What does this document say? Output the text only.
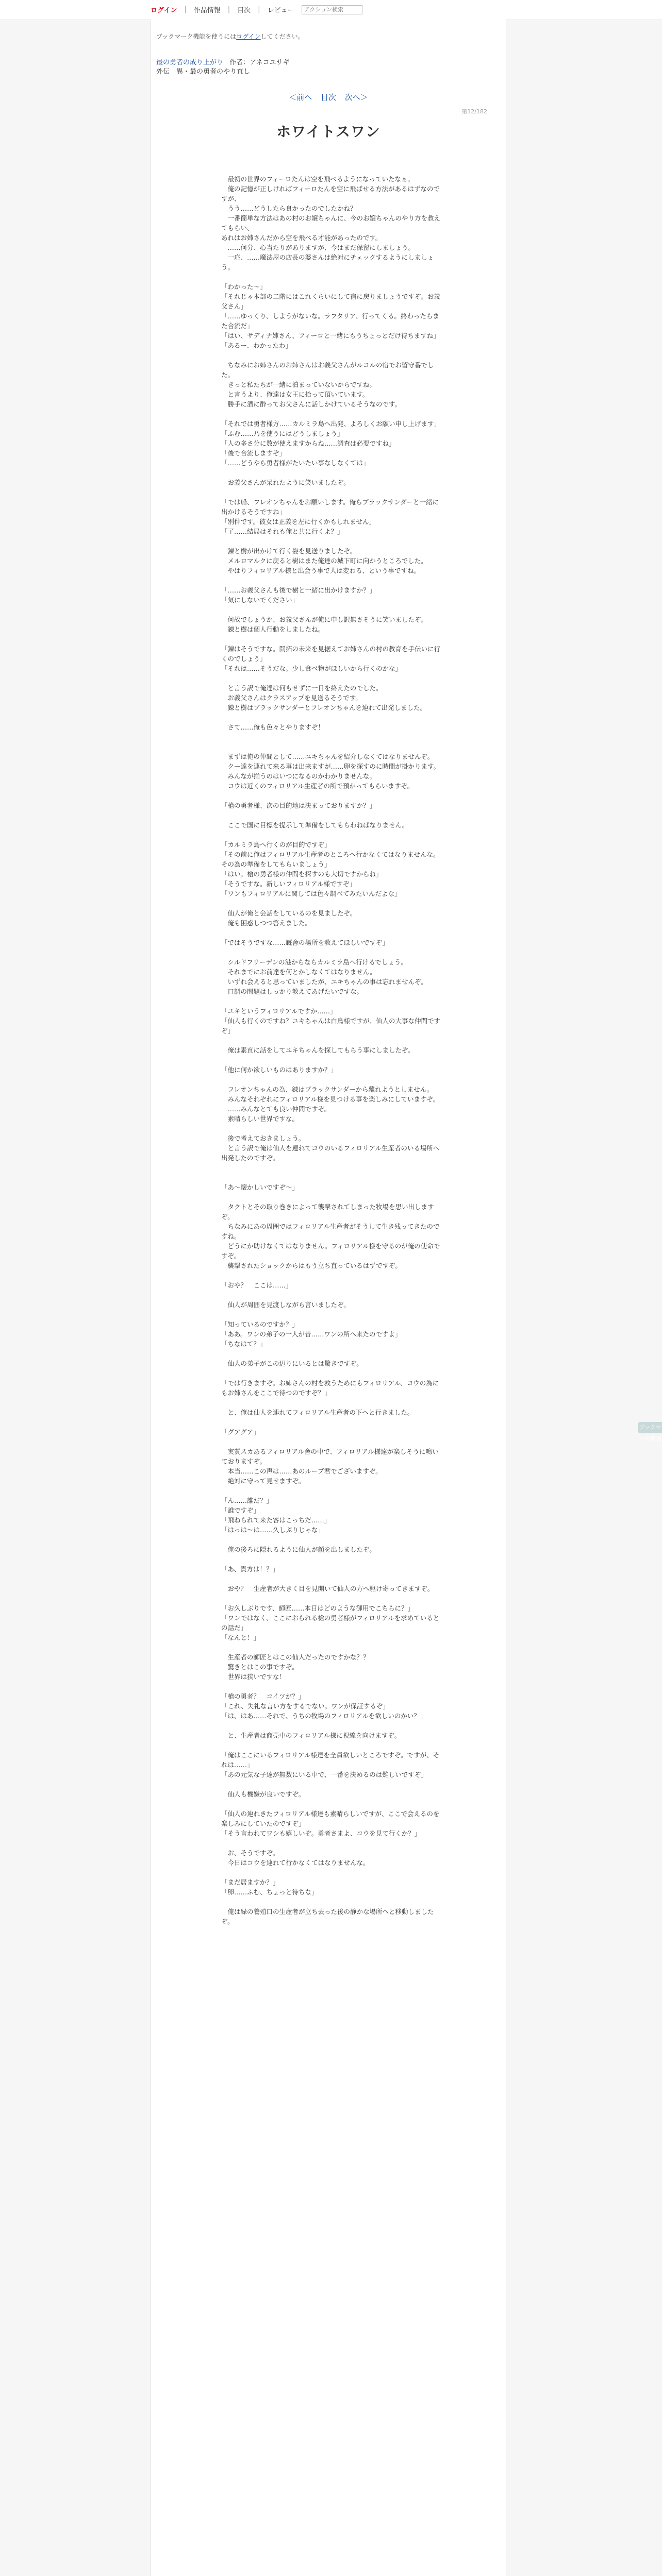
ログイン | 作品情報 | 目次 | レビュー
アクション検索
ブックマーク機能を使うにはログインしてください。
最の勇者の成り上がり 作者：アネコユサギ
外伝　異・最の勇者のやり直し
＜前へ 目次 次へ＞
第12/182
ホワイトスワン

　最初の世界のフィーロたんは空を飛べるようになっていたなぁ。

　俺の記憶が正しければフィーロたんを空に飛ばせる方法があるはずなのですが、

　うう……どうしたら良かったのでしたかね？

　一番簡単な方法はあの村のお嬢ちゃんに、今のお嬢ちゃんのやり方を教えてもらい、

あれはお姉さんだから空を飛べる才能があったのです。

　……何分、心当たりがありますが、今はまだ保留にしましょう。

　一応、……魔法屋の店長の婆さんは絶対にチェックするようにしましょう。

「わかった～」

「それじゃ本部の二階にはこれくらいにして宿に戻りましょうですぞ。お義父さん」

「……ゆっくり、しようがないな。ラフタリア、行ってくる。終わったらまた合流だ」

「はい、サディナ姉さん、フィーロと一緒にもうちょっとだけ待ちますね」

「あるー、わかったわ」

　ちなみにお姉さんのお姉さんはお義父さんがルコルの宿でお留守番でした。

　きっと私たちが一緒に泊まっていないからですね。

　と言うより、俺達は女王に拾って頂いています。

　勝手に酒に酔ってお父さんに話しかけているそうなのです。

「それでは勇者様方……カルミラ島へ出発、よろしくお願い申し上げます」

「ふむ……乃を使うにはどうしましょう」

「人の多さ分に数が使えますからね……調査は必要ですね」

「後で合流しますぞ」

「……どうやら勇者様がたいたい事なしなくては」

　お義父さんが呆れたように笑いましたぞ。

「では船、フレオンちゃんをお願いします。俺らブラックサンダーと一緒に出かけるそうですね」

「別件です。彼女は正義を左に行くかもしれません」

「了……結局はそれも俺と共に行くよ？」

　錬と樹が出かけて行く姿を見送りましたぞ。

　メルロマルクに戻ると樹はまた俺達の城下町に向かうところでした。

　やはりフィロリアル様と出会う事で人は変わる、という事ですね。

「……お義父さんも後で樹と一緒に出かけますか？」

「気にしないでください」

　何故でしょうか、お義父さんが俺に申し訳無さそうに笑いましたぞ。

　錬と樹は個人行動をしましたね。

「錬はそうですな。開拓の未来を見据えてお姉さんの村の教育を手伝いに行くのでしょう」

「それは……そうだな。少し食べ物がほしいから行くのかな」

　と言う訳で俺達は何もせずに一日を終えたのでした。

　お義父さんはクラスアップを見送るそうです。

　錬と樹はブラックサンダーとフレオンちゃんを連れて出発しました。

　さて……俺も色々とやりますぞ！

　まずは俺の仲間として……ユキちゃんを紹介しなくてはなりませんぞ。

　クー達を連れて来る事は出来ますが……卵を探すのに時間が掛かります。

　みんなが揃うのはいつになるのかわかりませんな。

　コウは近くのフィロリアル生産者の所で預かってもらいますぞ。

「槍の勇者様、次の目的地は決まっておりますか？」

　ここで国に目標を提示して準備をしてもらわねばなりません。

「カルミラ島へ行くのが目的ですぞ」

「その前に俺はフィロリアル生産者のところへ行かなくてはなりませんな。

その為の準備をしてもらいましょう」

「はい。槍の勇者様の仲間を探すのも大切ですからね」

「そうですな。新しいフィロリアル様ですぞ」

「ワンもフィロリアルに関しては色々調べてみたいんだよな」

　仙人が俺と会話をしているのを見ましたぞ。

　俺も困惑しつつ答えました。

「ではそうですな……厩舎の場所を教えてほしいですぞ」

　シルドフリーデンの港からならカルミラ島へ行けるでしょう。

　それまでにお前達を何とかしなくてはなりません。

　いずれ会えると思っていましたが、ユキちゃんの事は忘れませんぞ。

　口調の問題はしっかり教えてあげたいですな。

「ユキというフィロリアルですか……」

「仙人も行くのですね？ユキちゃんは白鳥様ですが、仙人の大事な仲間ですぞ」

　俺は素直に話をしてユキちゃんを探してもらう事にしましたぞ。

「他に何か欲しいものはありますか？」

　フレオンちゃんの為、錬はブラックサンダーから離れようとしません。

　みんなそれぞれにフィロリアル様を見つける事を楽しみにしていますぞ。

　……みんなとても良い仲間ですぞ。

　素晴らしい世界ですな。

　後で考えておきましょう。

　と言う訳で俺は仙人を連れてコウのいるフィロリアル生産者のいる場所へ出発したのですぞ。

「あ～懐かしいですぞ～」

　タクトとその取り巻きによって襲撃されてしまった牧場を思い出しますぞ。

　ちなみにあの周囲ではフィロリアル生産者がそうして生き残ってきたのですね。

　どうにか助けなくてはなりません。フィロリアル様を守るのが俺の使命ですぞ。

　襲撃されたショックからはもう立ち直っているはずですぞ。

「おや？　ここは……」

　仙人が周囲を見渡しながら言いましたぞ。

「知っているのですか？」

「ああ。ワンの弟子の一人が昔……ワンの所へ来たのですよ」

「ちなはて？」

　仙人の弟子がこの辺りにいるとは驚きですぞ。

「では行きますぞ。お姉さんの村を救うためにもフィロリアル、コウの為にもお姉さんをここで待つのですぞ？」

　と、俺は仙人を連れてフィロリアル生産者の下へと行きました。

「グアグア」

　実質スカあるフィロリアル舎の中で、フィロリアル様達が楽しそうに鳴いておりますぞ。

　本当……この声は……あのルーブ君でございますぞ。

　絶対に守って見せますぞ。

「ん……誰だ？」

「誰ですぞ」

「飛ねられて来た客はこっちだ……」

「はっは～は……久しぶりじゃな」

　俺の後ろに隠れるように仙人が顔を出しましたぞ。

「あ、貴方は！？」

　おや？　生産者が大きく目を見開いて仙人の方へ駆け寄ってきますぞ。

「お久しぶりです、師匠……本日はどのような御用でこちらに？」

「ワンではなく、ここにおられる槍の勇者様がフィロリアルを求めているとの話だ」

「なんと！」

　生産者の師匠とはこの仙人だったのですかな？？

　驚きとはこの事ですぞ。

　世界は狭いですな！

「槍の勇者？　コイツが？」

「これ、失礼な言い方をするでない。ワンが保証するぞ」

「は、はあ……それで、うちの牧場のフィロリアルを欲しいのかい？」

　と、生産者は商売中のフィロリアル様に視線を向けますぞ。

「俺はここにいるフィロリアル様達を全員欲しいところですぞ。ですが、それは……」

「あの元気な子達が無数にいる中で、一番を決めるのは難しいですぞ」

　仙人も機嫌が良いですぞ。

「仙人の連れきたフィロリアル様達も素晴らしいですが、ここで会えるのを楽しみにしていたのですぞ」

「そう言われてワシも嬉しいぞ。勇者さまよ、コウを見て行くか？」

　お、そうですぞ。

　今日はコウを連れて行かなくてはなりませんな。

「まだ居ますか？」

「卵……ふむ、ちょっと待ちな」

　俺は緑の養殖口の生産者が立ち去った後の静かな場所へと移動しましたぞ。

ブックマーク追加
